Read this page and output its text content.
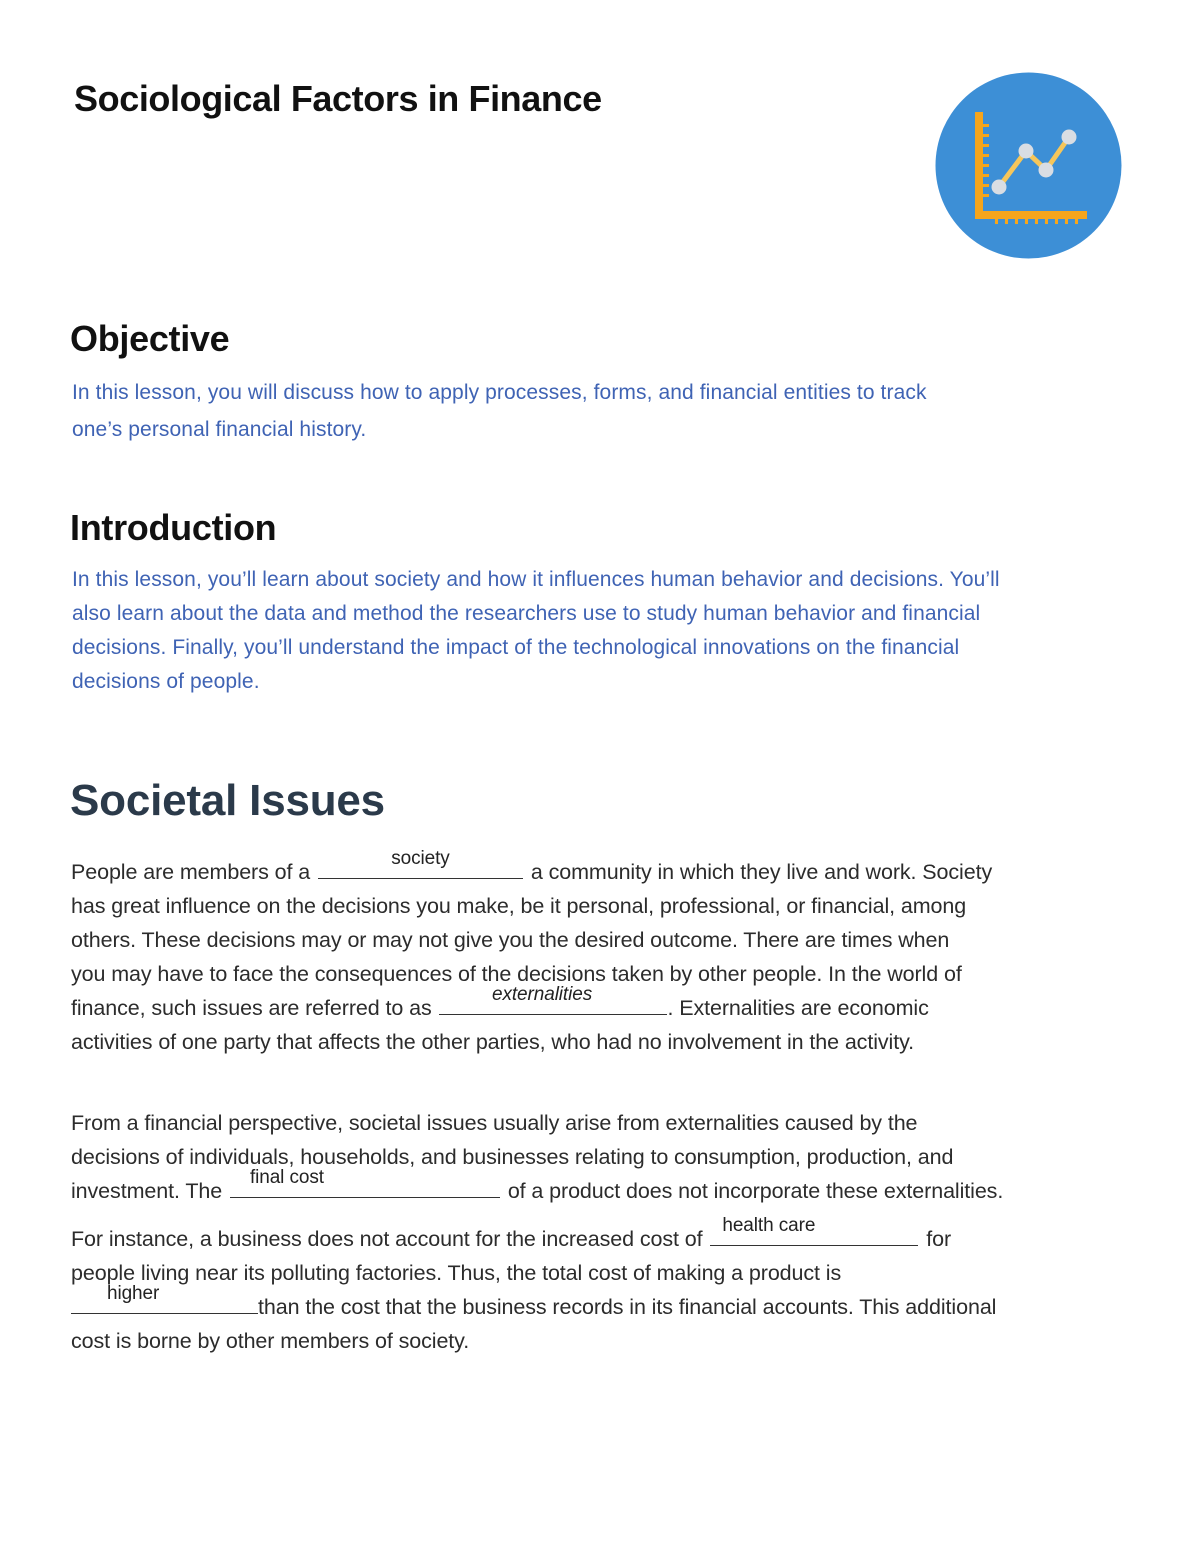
Sociological Factors in Finance
Objective
In this lesson, you will discuss how to apply processes, forms, and financial entities to track
one’s personal financial history.
Introduction
In this lesson, you’ll learn about society and how it influences human behavior and decisions. You’ll
also learn about the data and method the researchers use to study human behavior and financial
decisions. Finally, you’ll understand the impact of the technological innovations on the financial
decisions of people.
Societal Issues
People are members of a
society
a community in which they live and work. Society
has great influence on the decisions you make, be it personal, professional, or financial, among
others. These decisions may or may not give you the desired outcome. There are times when
you may have to face the consequences of the decisions taken by other people. In the world of
finance, such issues are referred to as
externalities
. Externalities are economic
activities of one party that affects the other parties, who had no involvement in the activity.
From a financial perspective, societal issues usually arise from externalities caused by the
decisions of individuals, households, and businesses relating to consumption, production, and
investment. The
final cost
of a product does not incorporate these externalities.
For instance, a business does not account for the increased cost of
health care
for
people living near its polluting factories. Thus, the total cost of making a product is
higher
than the cost that the business records in its financial accounts. This additional
cost is borne by other members of society.
